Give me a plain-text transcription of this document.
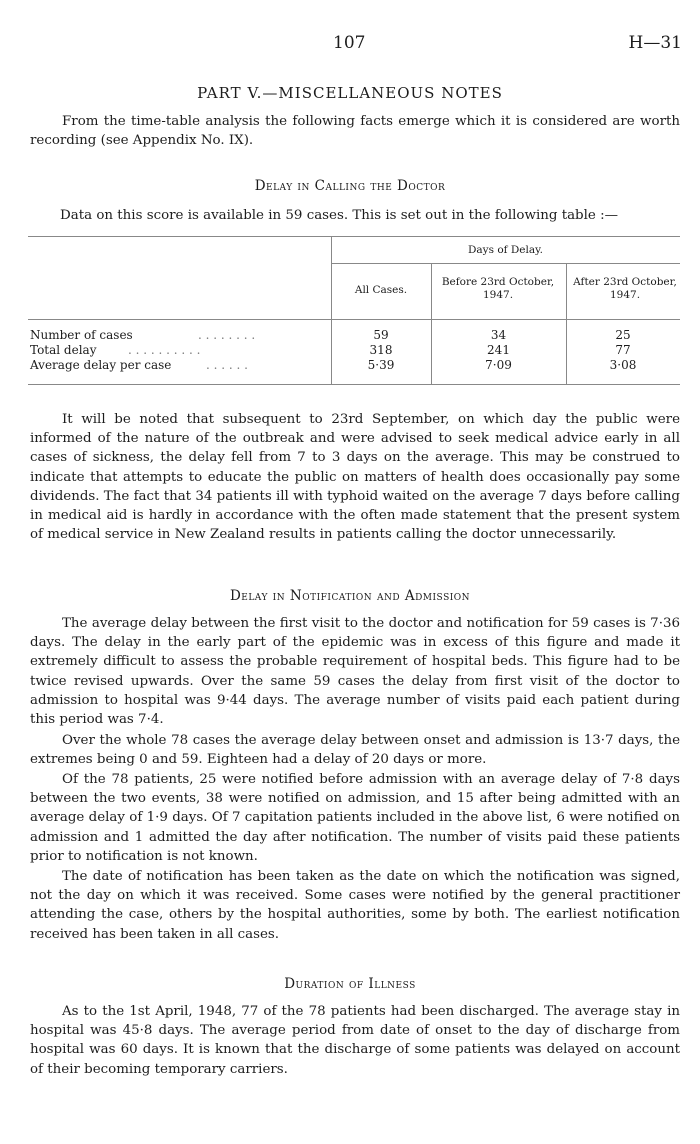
107	H—31
PART V.—MISCELLANEOUS NOTES

From the time-table analysis the following facts emerge which it is considered are worth recording (see Appendix No. IX).

Delay in Calling the Doctor

Data on this score is available in 59 cases. This is set out in the following table :—

Days of Delay.
All Cases.
Before 23rd October, 1947.
After 23rd October, 1947.
Number of cases	. . . . . . . .	59	34	25
Total delay	. . . . . . . . . .	318	241	77
Average delay per case	. . . . . .	5·39	7·09	3·08

It will be noted that subsequent to 23rd September, on which day the public were informed of the nature of the outbreak and were advised to seek medical advice early in all cases of sickness, the delay fell from 7 to 3 days on the average. This may be construed to indicate that attempts to educate the public on matters of health does occasionally pay some dividends. The fact that 34 patients ill with typhoid waited on the average 7 days before calling in medical aid is hardly in accordance with the often made statement that the present system of medical service in New Zealand results in patients calling the doctor unnecessarily.

Delay in Notification and Admission

The average delay between the first visit to the doctor and notification for 59 cases is 7·36 days. The delay in the early part of the epidemic was in excess of this figure and made it extremely difficult to assess the probable requirement of hospital beds. This figure had to be twice revised upwards. Over the same 59 cases the delay from first visit of the doctor to admission to hospital was 9·44 days. The average number of visits paid each patient during this period was 7·4.

Over the whole 78 cases the average delay between onset and admission is 13·7 days, the extremes being 0 and 59. Eighteen had a delay of 20 days or more.

Of the 78 patients, 25 were notified before admission with an average delay of 7·8 days between the two events, 38 were notified on admission, and 15 after being admitted with an average delay of 1·9 days. Of 7 capitation patients included in the above list, 6 were notified on admission and 1 admitted the day after notification. The number of visits paid these patients prior to notification is not known.

The date of notification has been taken as the date on which the notification was signed, not the day on which it was received. Some cases were notified by the general practitioner attending the case, others by the hospital authorities, some by both. The earliest notification received has been taken in all cases.

Duration of Illness

As to the 1st April, 1948, 77 of the 78 patients had been discharged. The average stay in hospital was 45·8 days. The average period from date of onset to the day of discharge from hospital was 60 days. It is known that the discharge of some patients was delayed on account of their becoming temporary carriers.
